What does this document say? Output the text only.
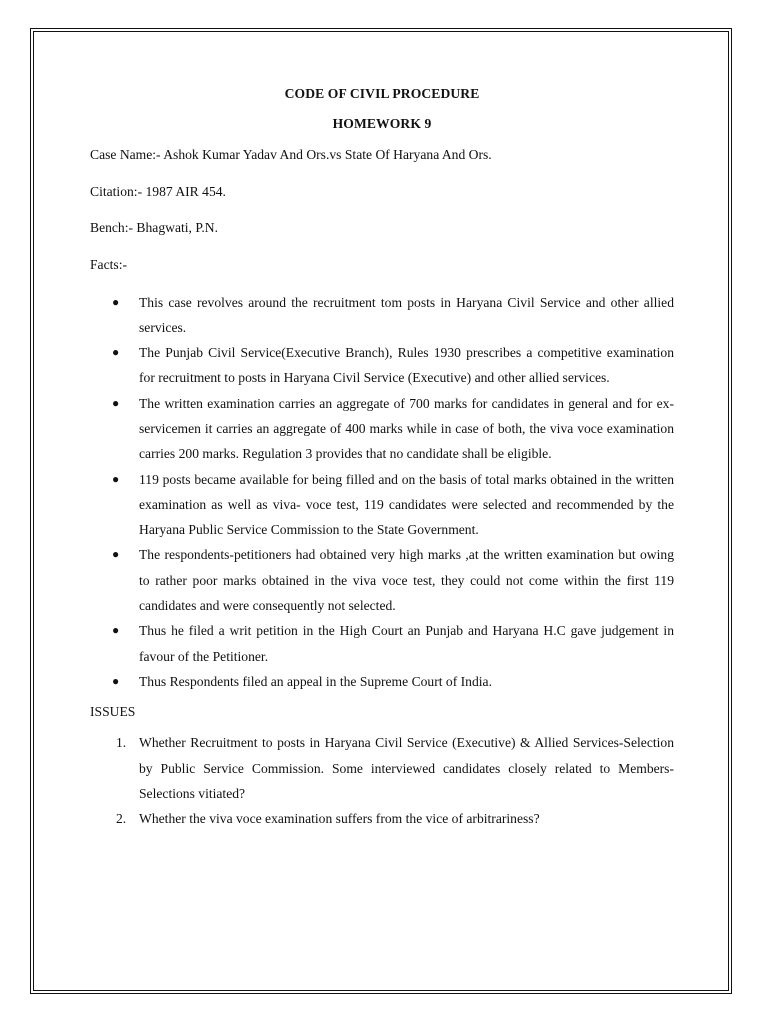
CODE OF CIVIL PROCEDURE
HOMEWORK 9
Case Name:- Ashok Kumar Yadav And Ors.vs State Of Haryana And Ors.
Citation:- 1987 AIR 454.
Bench:- Bhagwati, P.N.
Facts:-
● This case revolves around the recruitment tom posts in Haryana Civil Service and other allied services.
● The Punjab Civil Service(Executive Branch), Rules 1930 prescribes a competitive examination for recruitment to posts in Haryana Civil Service (Executive) and other allied services.
● The written examination carries an aggregate of 700 marks for candidates in general and for ex-servicemen it carries an aggregate of 400 marks while in case of both, the viva voce examination carries 200 marks. Regulation 3 provides that no candidate shall be eligible.
● 119 posts became available for being filled and on the basis of total marks obtained in the written examination as well as viva- voce test, 119 candidates were selected and recommended by the Haryana Public Service Commission to the State Government.
● The respondents-petitioners had obtained very high marks ,at the written examination but owing to rather poor marks obtained in the viva voce test, they could not come within the first 119 candidates and were consequently not selected.
● Thus he filed a writ petition in the High Court an Punjab and Haryana H.C gave judgement in favour of the Petitioner.
● Thus Respondents filed an appeal in the Supreme Court of India.
ISSUES
1. Whether Recruitment to posts in Haryana Civil Service (Executive) & Allied Services-Selection by Public Service Commission. Some interviewed candidates closely related to Members-Selections vitiated?
2. Whether the viva voce examination suffers from the vice of arbitrariness?
